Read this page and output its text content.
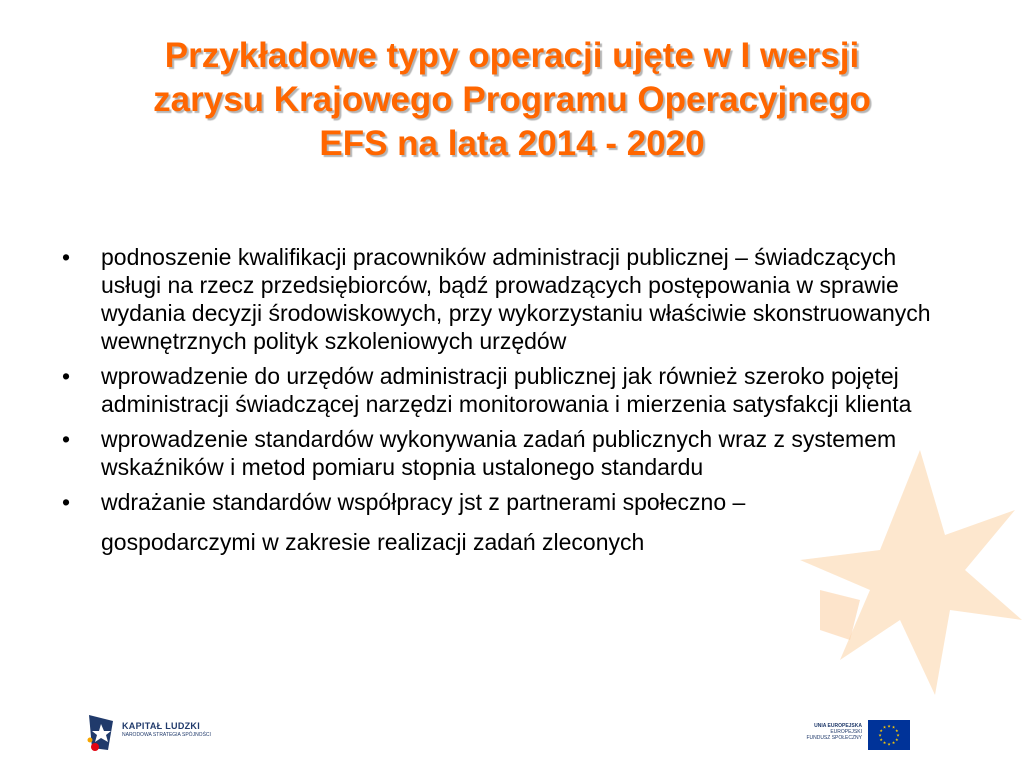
Przykładowe typy operacji ujęte w I wersji
zarysu Krajowego Programu Operacyjnego
EFS na lata 2014 - 2020
• podnoszenie kwalifikacji pracowników administracji publicznej – świadczących usługi na rzecz przedsiębiorców, bądź prowadzących postępowania w sprawie wydania decyzji środowiskowych, przy wykorzystaniu właściwie skonstruowanych wewnętrznych polityk szkoleniowych urzędów
• wprowadzenie do urzędów administracji publicznej jak również szeroko pojętej administracji świadczącej narzędzi monitorowania i mierzenia satysfakcji klienta
• wprowadzenie standardów wykonywania zadań publicznych wraz z systemem wskaźników i metod pomiaru stopnia ustalonego standardu
• wdrażanie standardów współpracy jst z partnerami społeczno –
gospodarczymi w zakresie realizacji zadań zleconych
KAPITAŁ LUDZKI
NARODOWA STRATEGIA SPÓJNOŚCI
UNIA EUROPEJSKA
EUROPEJSKI
FUNDUSZ SPOŁECZNY
★
★
★
★
★
★
★
★
★ ★ ★
★
